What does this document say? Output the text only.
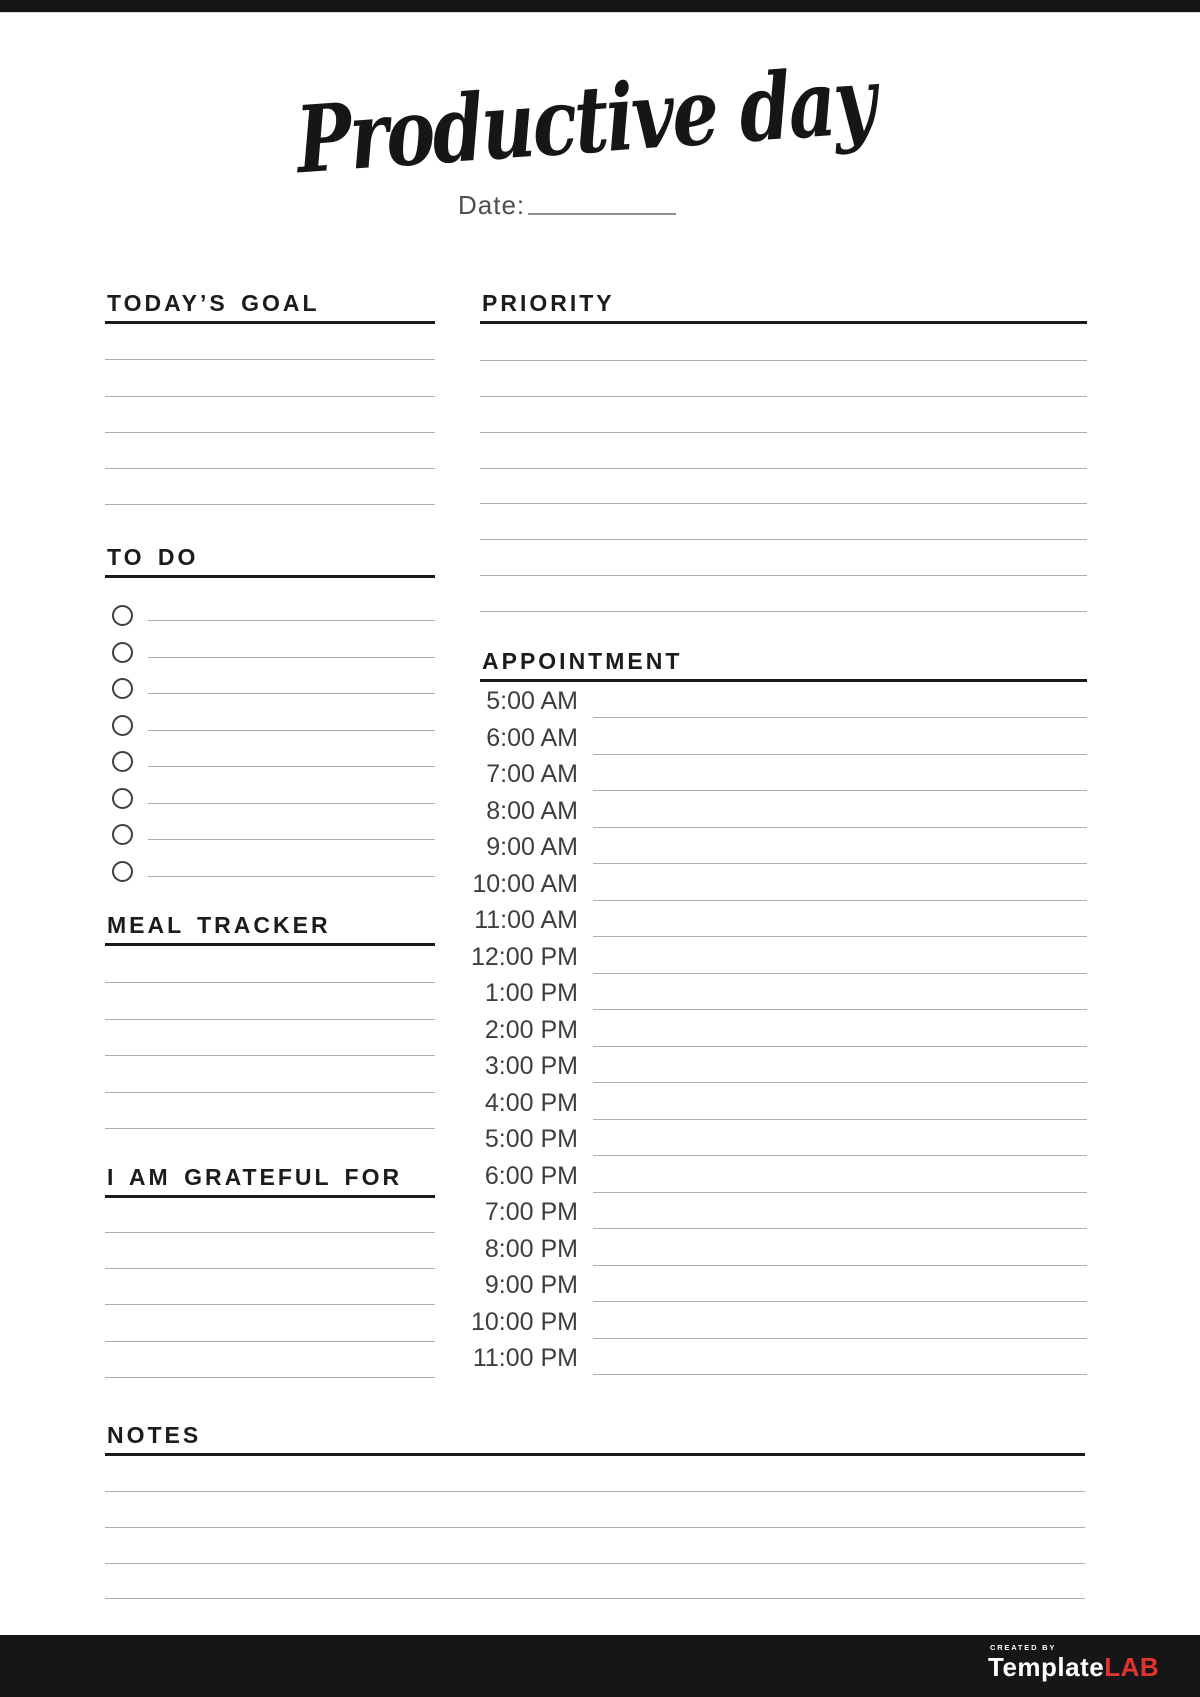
Productive day
Date:
TODAY’S GOAL	PRIORITY
TO DO
APPOINTMENT
5:00 AM
6:00 AM
7:00 AM
8:00 AM
9:00 AM
10:00 AM
11:00 AM
12:00 PM
1:00 PM
2:00 PM
3:00 PM
4:00 PM
5:00 PM
6:00 PM
7:00 PM
8:00 PM
9:00 PM
10:00 PM
11:00 PM
MEAL TRACKER
I AM GRATEFUL FOR
NOTES
CREATED BY
TemplateLAB
